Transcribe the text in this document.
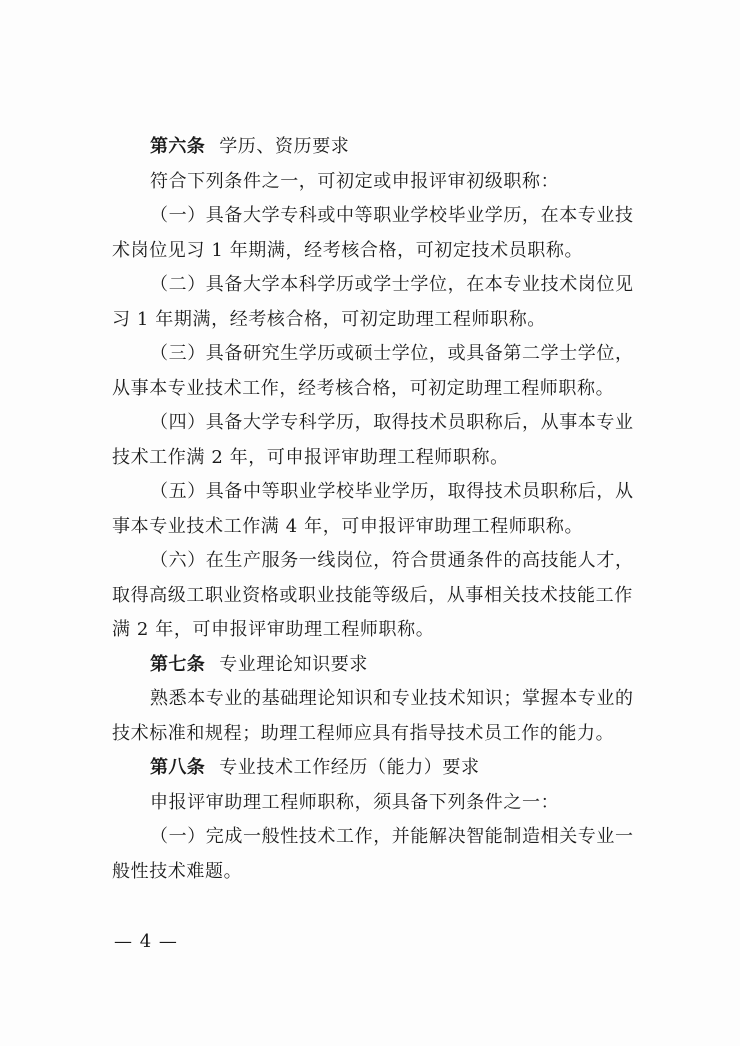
第六条 学历、资历要求
符合下列条件之一，可初定或申报评审初级职称：
（一）具备大学专科或中等职业学校毕业学历，在本专业技
术岗位见习 1 年期满，经考核合格，可初定技术员职称。
（二）具备大学本科学历或学士学位，在本专业技术岗位见
习 1 年期满，经考核合格，可初定助理工程师职称。
（三）具备研究生学历或硕士学位，或具备第二学士学位，
从事本专业技术工作，经考核合格，可初定助理工程师职称。
（四）具备大学专科学历，取得技术员职称后，从事本专业
技术工作满 2 年，可申报评审助理工程师职称。
（五）具备中等职业学校毕业学历，取得技术员职称后，从
事本专业技术工作满 4 年，可申报评审助理工程师职称。
（六）在生产服务一线岗位，符合贯通条件的高技能人才，
取得高级工职业资格或职业技能等级后，从事相关技术技能工作
满 2 年，可申报评审助理工程师职称。
第七条 专业理论知识要求
熟悉本专业的基础理论知识和专业技术知识；掌握本专业的
技术标准和规程；助理工程师应具有指导技术员工作的能力。
第八条 专业技术工作经历（能力）要求
申报评审助理工程师职称，须具备下列条件之一：
（一）完成一般性技术工作，并能解决智能制造相关专业一
般性技术难题。
— 4 —
